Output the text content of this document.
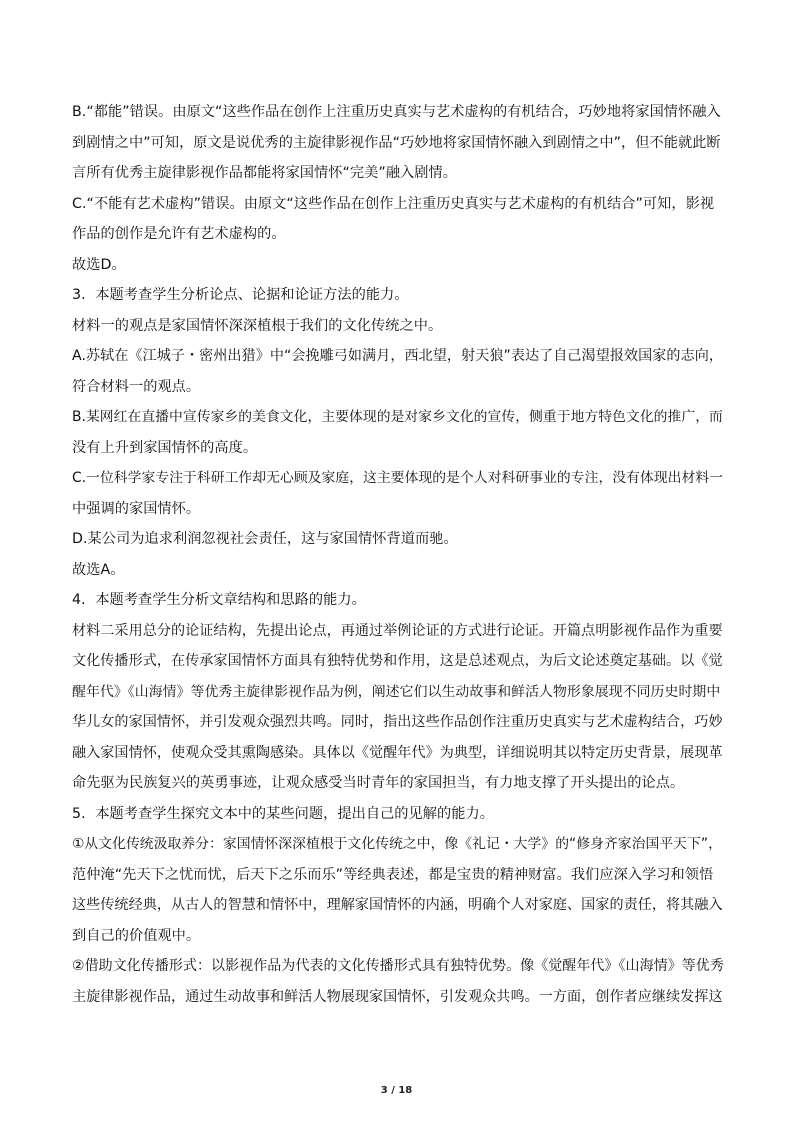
B.“都能”错误。由原文“这些作品在创作上注重历史真实与艺术虚构的有机结合，巧妙地将家国情怀融入
到剧情之中”可知，原文是说优秀的主旋律影视作品“巧妙地将家国情怀融入到剧情之中”，但不能就此断
言所有优秀主旋律影视作品都能将家国情怀“完美”融入剧情。
C.“不能有艺术虚构”错误。由原文“这些作品在创作上注重历史真实与艺术虚构的有机结合”可知，影视
作品的创作是允许有艺术虚构的。
故选D。
3．本题考查学生分析论点、论据和论证方法的能力。
材料一的观点是家国情怀深深植根于我们的文化传统之中。
A.苏轼在《江城子・密州出猎》中“会挽雕弓如满月，西北望，射天狼”表达了自己渴望报效国家的志向，
符合材料一的观点。
B.某网红在直播中宣传家乡的美食文化，主要体现的是对家乡文化的宣传，侧重于地方特色文化的推广，而
没有上升到家国情怀的高度。
C.一位科学家专注于科研工作却无心顾及家庭，这主要体现的是个人对科研事业的专注，没有体现出材料一
中强调的家国情怀。
D.某公司为追求利润忽视社会责任，这与家国情怀背道而驰。
故选A。
4．本题考查学生分析文章结构和思路的能力。
材料二采用总分的论证结构，先提出论点，再通过举例论证的方式进行论证。开篇点明影视作品作为重要
文化传播形式，在传承家国情怀方面具有独特优势和作用，这是总述观点，为后文论述奠定基础。以《觉
醒年代》《山海情》等优秀主旋律影视作品为例，阐述它们以生动故事和鲜活人物形象展现不同历史时期中
华儿女的家国情怀，并引发观众强烈共鸣。同时，指出这些作品创作注重历史真实与艺术虚构结合，巧妙
融入家国情怀，使观众受其熏陶感染。具体以《觉醒年代》为典型，详细说明其以特定历史背景，展现革
命先驱为民族复兴的英勇事迹，让观众感受当时青年的家国担当，有力地支撑了开头提出的论点。
5．本题考查学生探究文本中的某些问题，提出自己的见解的能力。
①从文化传统汲取养分：家国情怀深深植根于文化传统之中，像《礼记・大学》的“修身齐家治国平天下”，
范仲淹“先天下之忧而忧，后天下之乐而乐”等经典表述，都是宝贵的精神财富。我们应深入学习和领悟
这些传统经典，从古人的智慧和情怀中，理解家国情怀的内涵，明确个人对家庭、国家的责任，将其融入
到自己的价值观中。
②借助文化传播形式：以影视作品为代表的文化传播形式具有独特优势。像《觉醒年代》《山海情》等优秀
主旋律影视作品，通过生动故事和鲜活人物展现家国情怀，引发观众共鸣。一方面，创作者应继续发挥这
3 / 18
